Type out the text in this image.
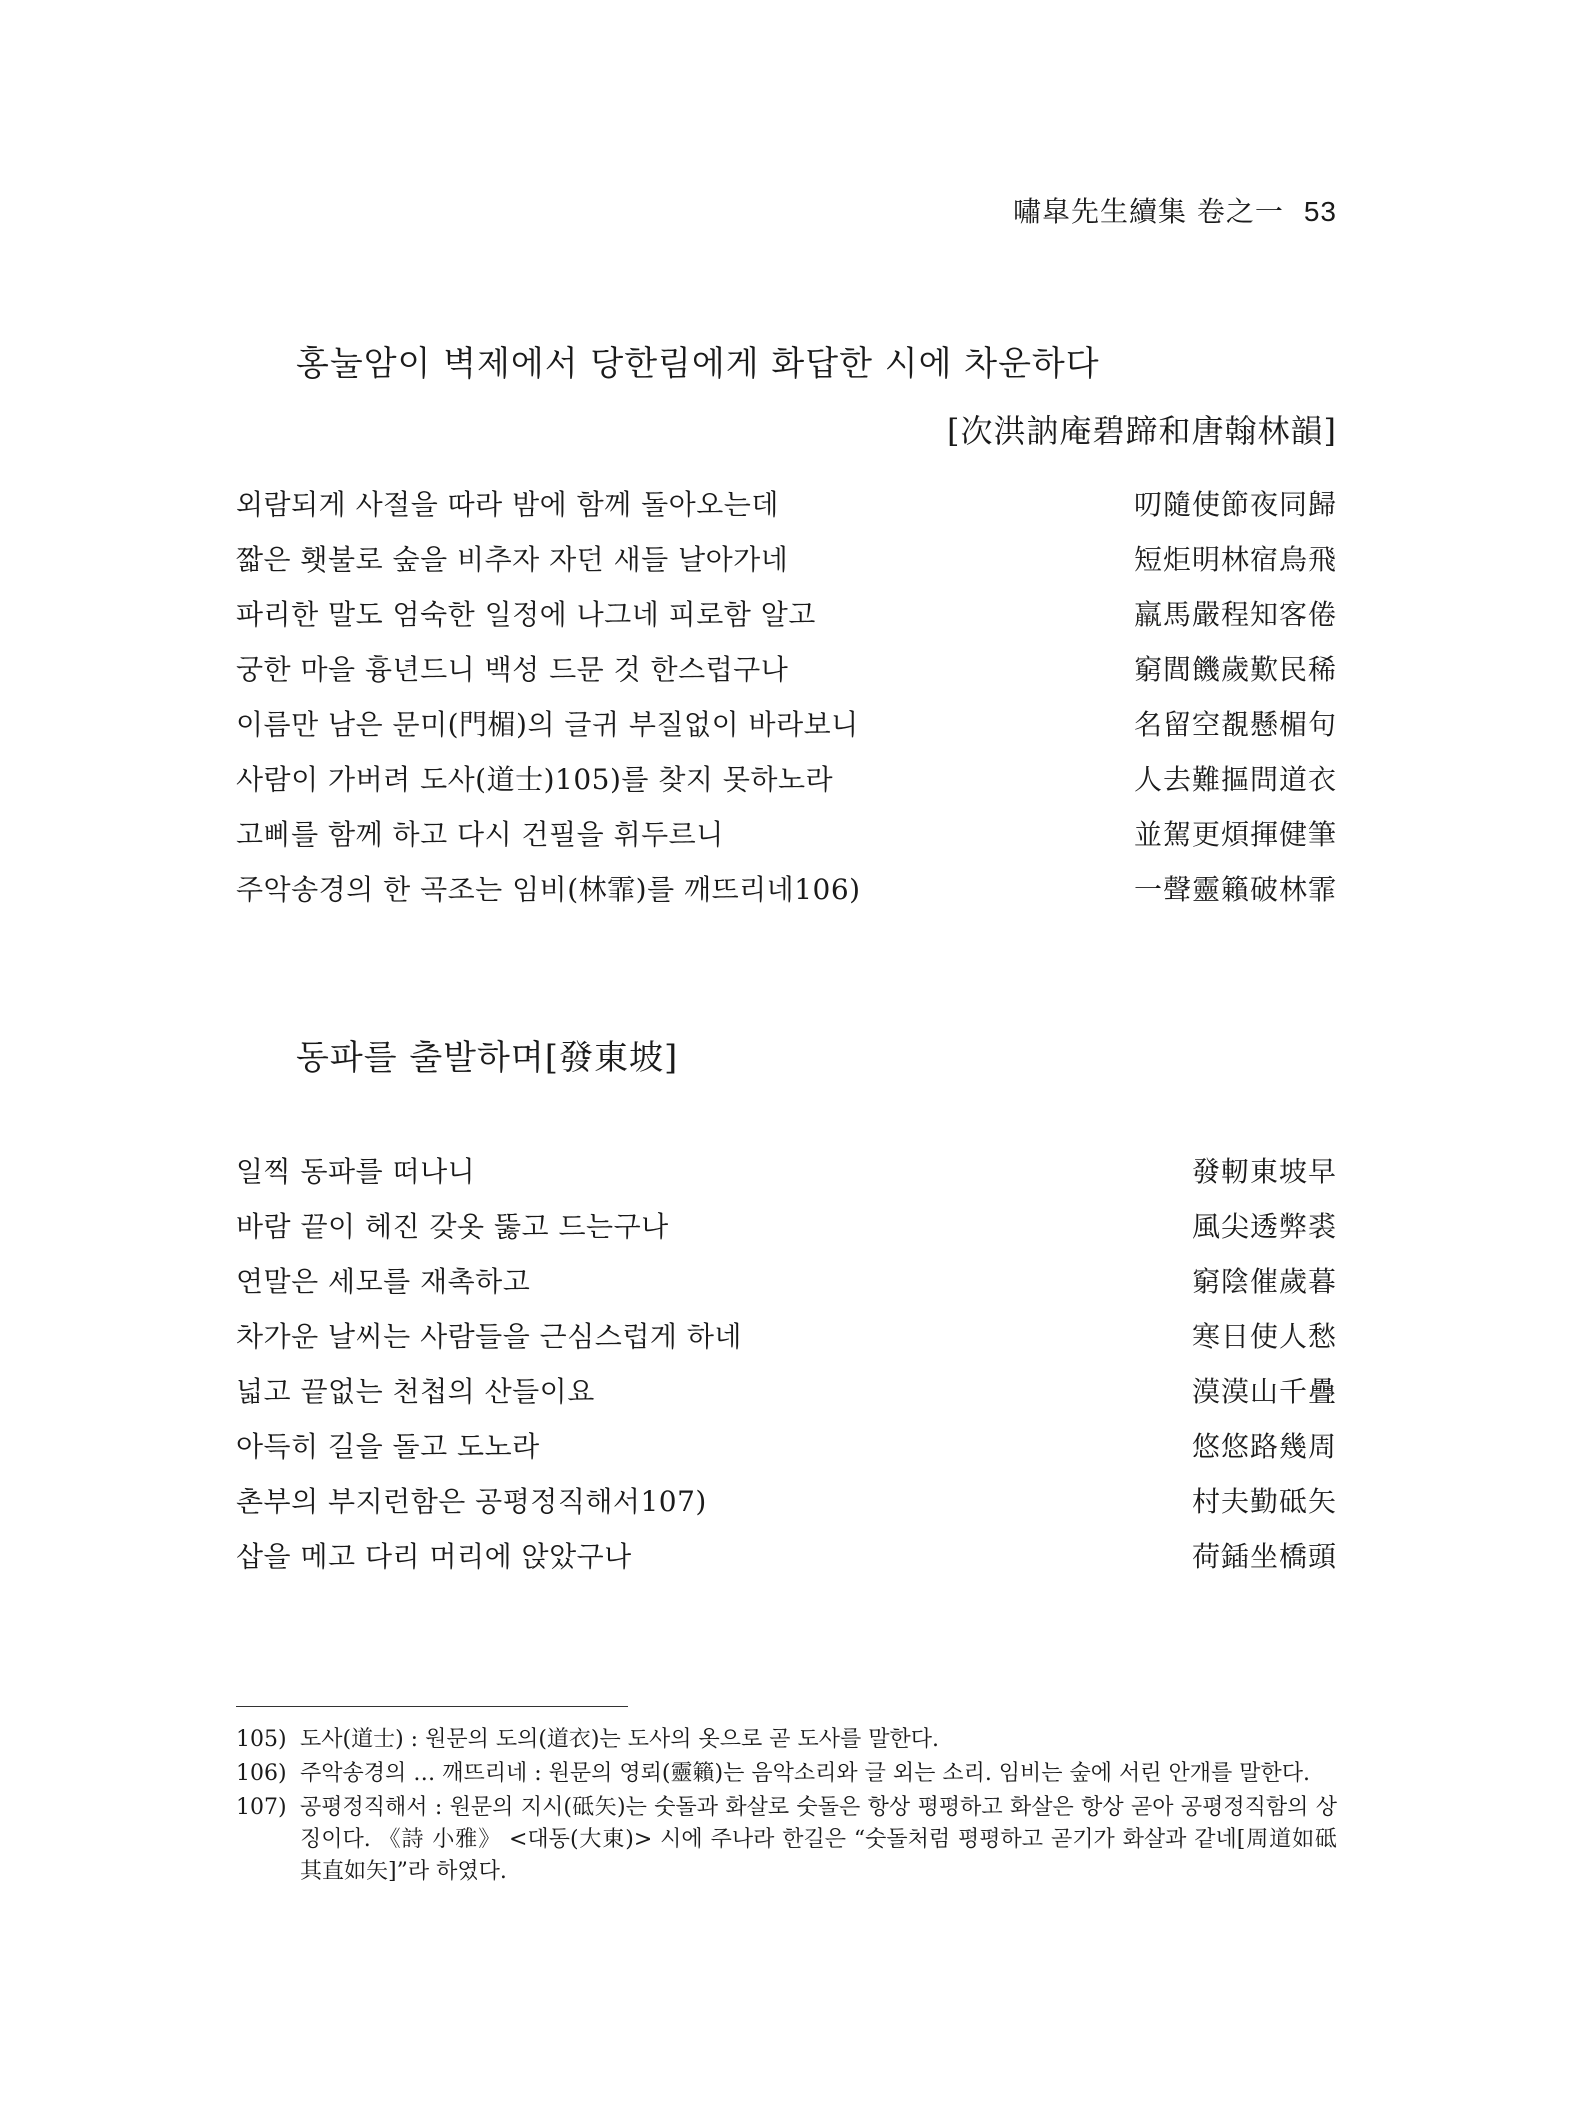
嘯皐先生續集 卷之一 53
홍눌암이 벽제에서 당한림에게 화답한 시에 차운하다
[次洪訥庵碧蹄和唐翰林韻]
외람되게 사절을 따라 밤에 함께 돌아오는데	叨隨使節夜同歸
짧은 횃불로 숲을 비추자 자던 새들 날아가네	短炬明林宿鳥飛
파리한 말도 엄숙한 일정에 나그네 피로함 알고	羸馬嚴程知客倦
궁한 마을 흉년드니 백성 드문 것 한스럽구나	窮閭饑歲歎民稀
이름만 남은 문미(門楣)의 글귀 부질없이 바라보니	名留空覩懸楣句
사람이 가버려 도사(道士)105)를 찾지 못하노라	人去難摳問道衣
고삐를 함께 하고 다시 건필을 휘두르니	並駕更煩揮健筆
주악송경의 한 곡조는 임비(林霏)를 깨뜨리네106)	一聲靈籟破林霏
동파를 출발하며[發東坡]
일찍 동파를 떠나니	發軔東坡早
바람 끝이 헤진 갖옷 뚫고 드는구나	風尖透弊裘
연말은 세모를 재촉하고	窮陰催歲暮
차가운 날씨는 사람들을 근심스럽게 하네	寒日使人愁
넓고 끝없는 천첩의 산들이요	漠漠山千疊
아득히 길을 돌고 도노라	悠悠路幾周
촌부의 부지런함은 공평정직해서107)	村夫勤砥矢
삽을 메고 다리 머리에 앉았구나	荷鍤坐橋頭
105) 도사(道士) : 원문의 도의(道衣)는 도사의 옷으로 곧 도사를 말한다.
106) 주악송경의 … 깨뜨리네 : 원문의 영뢰(靈籟)는 음악소리와 글 외는 소리. 임비는 숲에 서린 안개를 말한다.
107) 공평정직해서 : 원문의 지시(砥矢)는 숫돌과 화살로 숫돌은 항상 평평하고 화살은 항상 곧아 공평정직함의 상징이다. 《詩 小雅》 <대동(大東)> 시에 주나라 한길은 “숫돌처럼 평평하고 곧기가 화살과 같네[周道如砥 其直如矢]”라 하였다.
